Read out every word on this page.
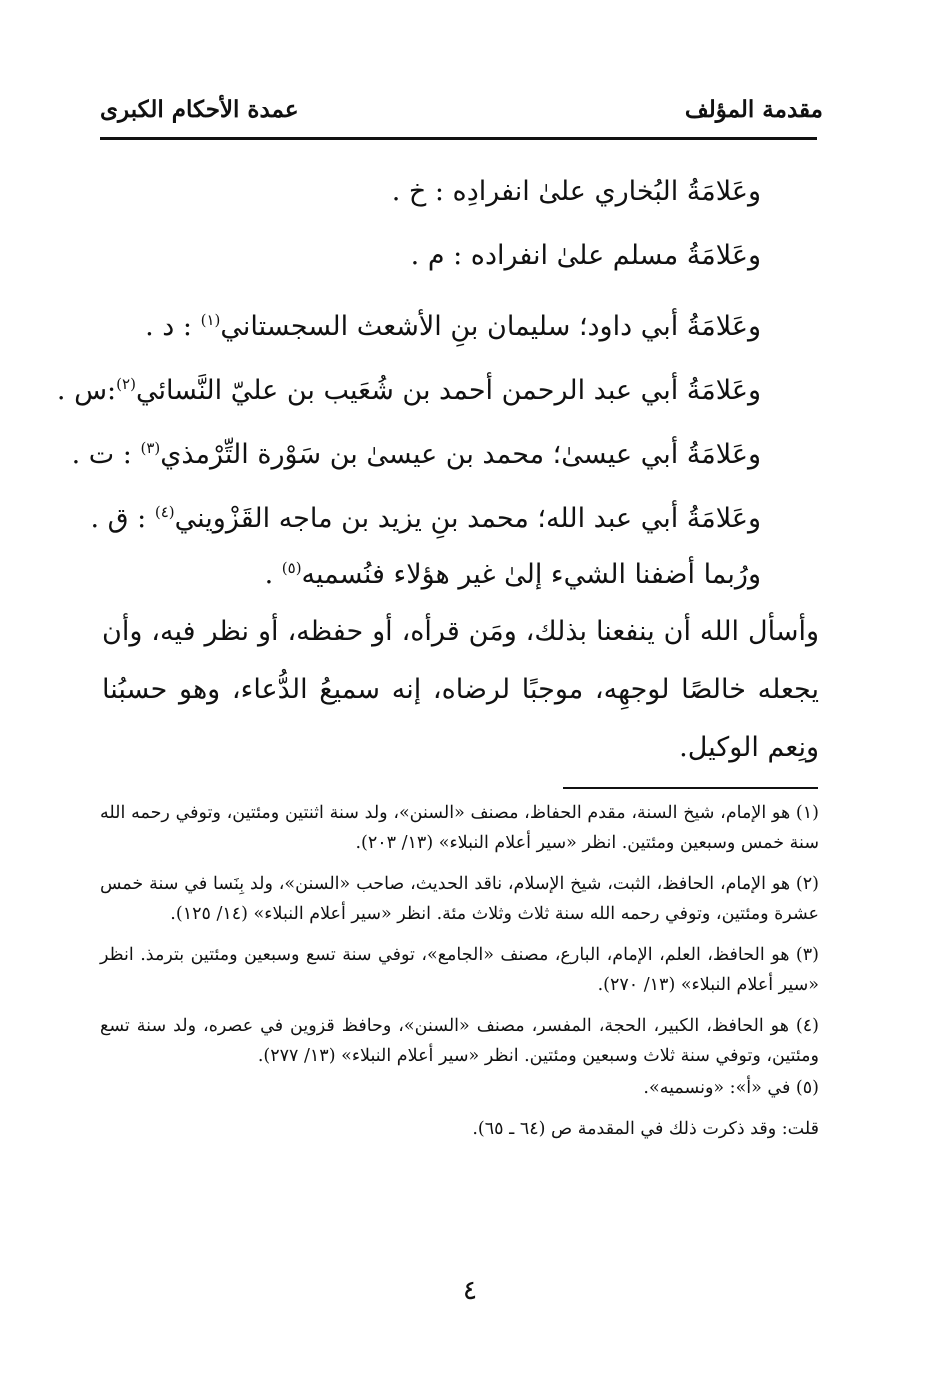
مقدمة المؤلف
عمدة الأحكام الكبرى
وعَلامَةُ البُخاري علىٰ انفرادِه : خ .
وعَلامَةُ مسلم علىٰ انفراده : م .
وعَلامَةُ أبي داود؛ سليمان بنِ الأشعث السجستاني$^{(١)}$ : د .
وعَلامَةُ أبي عبد الرحمن أحمد بن شُعَيب بن عليّ النَّسائي$^{(٢)}$:س .
وعَلامَةُ أبي عيسىٰ؛ محمد بن عيسىٰ بن سَوْرة التِّرْمذي$^{(٣)}$ : ت .
وعَلامَةُ أبي عبد الله؛ محمد بنِ يزيد بن ماجه القَزْويني$^{(٤)}$ : ق .
ورُبما أضفنا الشيء إلىٰ غير هؤلاء فنُسميه$^{(٥)}$ .
وأسأل الله أن ينفعنا بذلك، ومَن قرأه، أو حفظه، أو نظر فيه، وأن يجعله خالصًا لوجهِه، موجبًا لرضاه، إنه سميعُ الدُّعاء، وهو حسبُنا ونِعم الوكيل.
(١) هو الإمام، شيخ السنة، مقدم الحفاظ، مصنف «السنن»، ولد سنة اثنتين ومئتين، وتوفي رحمه الله سنة خمس وسبعين ومئتين. انظر «سير أعلام النبلاء» (١٣/ ٢٠٣).
(٢) هو الإمام، الحافظ، الثبت، شيخ الإسلام، ناقد الحديث، صاحب «السنن»، ولد بِنَسا في سنة خمس عشرة ومئتين، وتوفي رحمه الله سنة ثلاث وثلاث مئة. انظر «سير أعلام النبلاء» (١٤/ ١٢٥).
(٣) هو الحافظ، العلم، الإمام، البارع، مصنف «الجامع»، توفي سنة تسع وسبعين ومئتين بترمذ. انظر «سير أعلام النبلاء» (١٣/ ٢٧٠).
(٤) هو الحافظ، الكبير، الحجة، المفسر، مصنف «السنن»، وحافظ قزوين في عصره، ولد سنة تسع ومئتين، وتوفي سنة ثلاث وسبعين ومئتين. انظر «سير أعلام النبلاء» (١٣/ ٢٧٧).
(٥) في «أ»: «ونسميه».
قلت: وقد ذكرت ذلك في المقدمة ص (٦٤ ـ ٦٥).
٤
